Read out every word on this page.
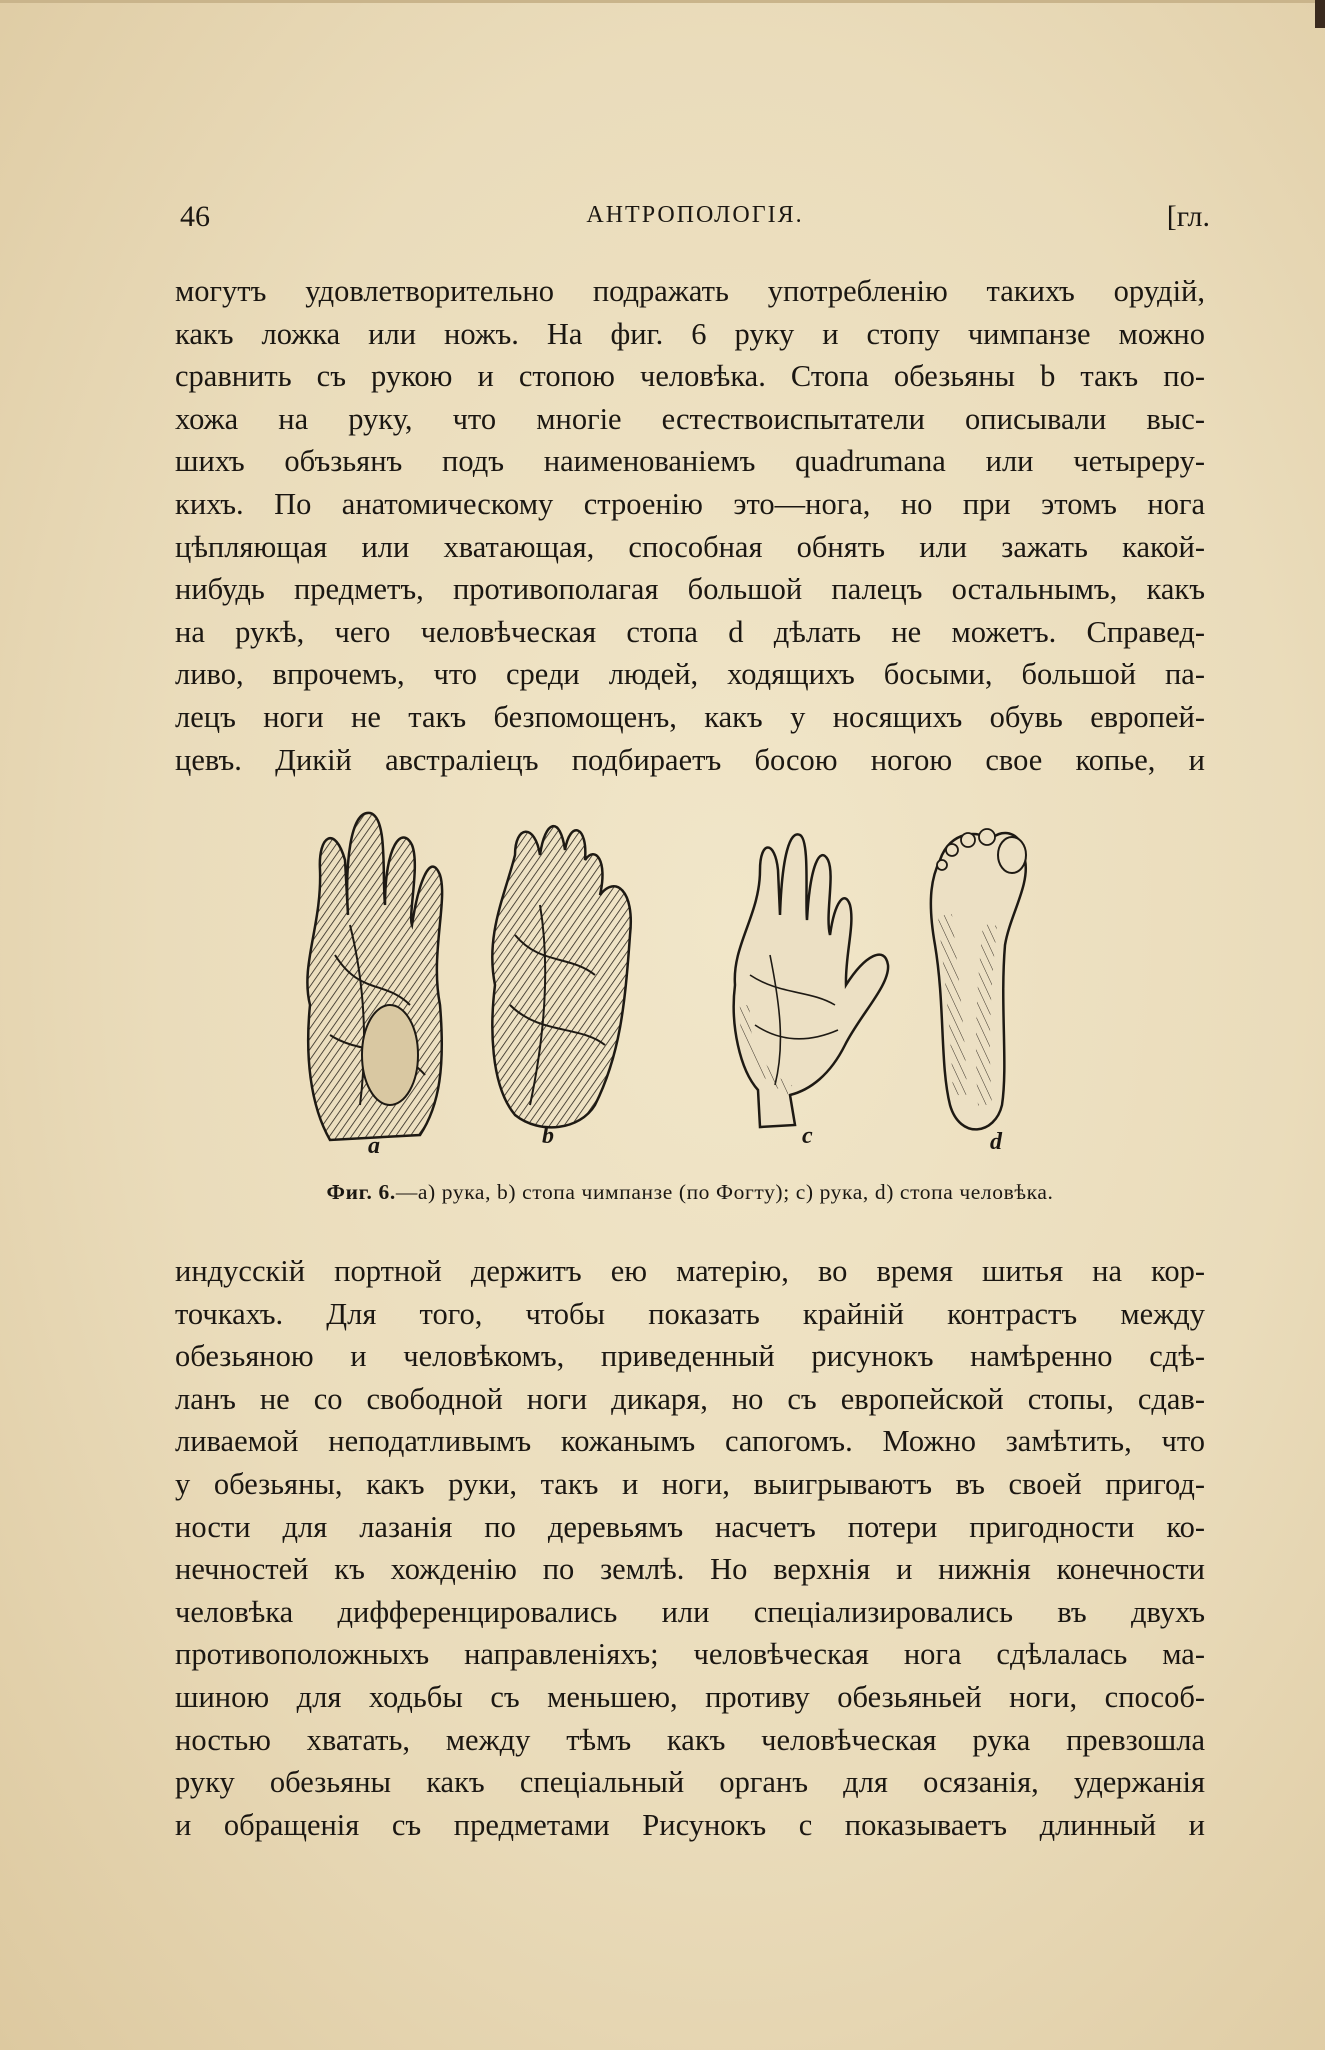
46	АНТРОПОЛОГІЯ.	[гл.
могутъ удовлетворительно подражать употребленію такихъ орудій,
какъ ложка или ножъ. На фиг. 6 руку и стопу чимпанзе можно
сравнить съ рукою и стопою человѣка. Стопа обезьяны b такъ по-
хожа на руку, что многіе естествоиспытатели описывали выс-
шихъ объзьянъ подъ наименованіемъ quadrumana или четыреру-
кихъ. По анатомическому строенію это—нога, но при этомъ нога
цѣпляющая или хватающая, способная обнять или зажать какой-
нибудь предметъ, противополагая большой палецъ остальнымъ, какъ
на рукѣ, чего человѣческая стопа d дѣлать не можетъ. Справед-
ливо, впрочемъ, что среди людей, ходящихъ босыми, большой па-
лецъ ноги не такъ безпомощенъ, какъ у носящихъ обувь европей-
цевъ. Дикій австраліецъ подбираетъ босою ногою свое копье, и
a	b	c	d
Фиг. 6.—a) рука, b) стопа чимпанзе (по Фогту); c) рука, d) стопа человѣка.
индусскій портной держитъ ею матерію, во время шитья на кор-
точкахъ. Для того, чтобы показать крайній контрастъ между
обезьяною и человѣкомъ, приведенный рисунокъ намѣренно сдѣ-
ланъ не со свободной ноги дикаря, но съ европейской стопы, сдав-
ливаемой неподатливымъ кожанымъ сапогомъ. Можно замѣтить, что
у обезьяны, какъ руки, такъ и ноги, выигрываютъ въ своей пригод-
ности для лазанія по деревьямъ насчетъ потери пригодности ко-
нечностей къ хожденію по землѣ. Но верхнія и нижнія конечности
человѣка дифференцировались или спеціализировались въ двухъ
противоположныхъ направленіяхъ; человѣческая нога сдѣлалась ма-
шиною для ходьбы съ меньшею, противу обезьяньей ноги, способ-
ностью хватать, между тѣмъ какъ человѣческая рука превзошла
руку обезьяны какъ спеціальный органъ для осязанія, удержанія
и обращенія съ предметами Рисунокъ c показываетъ длинный и
